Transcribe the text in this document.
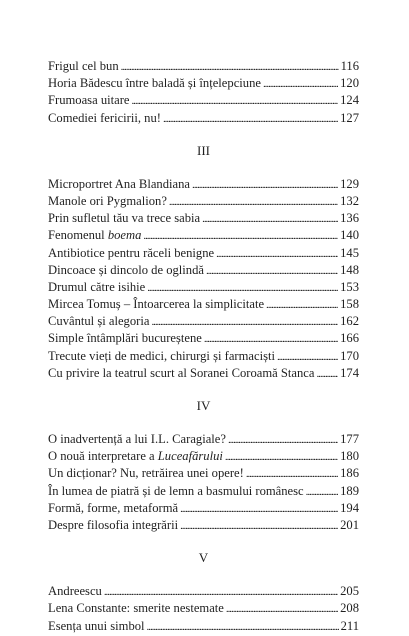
Frigul cel bun . . .	116
Horia Bădescu între baladă și înțelepciune . . .	120
Frumoasa uitare . . .	124
Comediei fericirii, nu! . . .	127
III
Microportret Ana Blandiana . . .	129
Manole ori Pygmalion? . . .	132
Prin sufletul tău va trece sabia . . .	136
Fenomenul boema . . .	140
Antibiotice pentru răceli benigne . . .	145
Dincoace și dincolo de oglindă . . .	148
Drumul către isihie . . .	153
Mircea Tomuș – Întoarcerea la simplicitate . . .	158
Cuvântul și alegoria . . .	162
Simple întâmplări bucureștene . . .	166
Trecute vieți de medici, chirurgi și farmaciști . . .	170
Cu privire la teatrul scurt al Soranei Coroamă Stanca . . . 174
IV
O inadvertență a lui I.L. Caragiale? . . .	177
O nouă interpretare a Luceafărului . . .	180
Un dicționar? Nu, retrăirea unei opere! . . .	186
În lumea de piatră și de lemn a basmului românesc . . .	189
Formă, forme, metaformă . . .	194
Despre filosofia integrării . . .	201
V
Andreescu . . .	205
Lena Constante: smerite nestemate . . .	208
Esența unui simbol . . .	211
